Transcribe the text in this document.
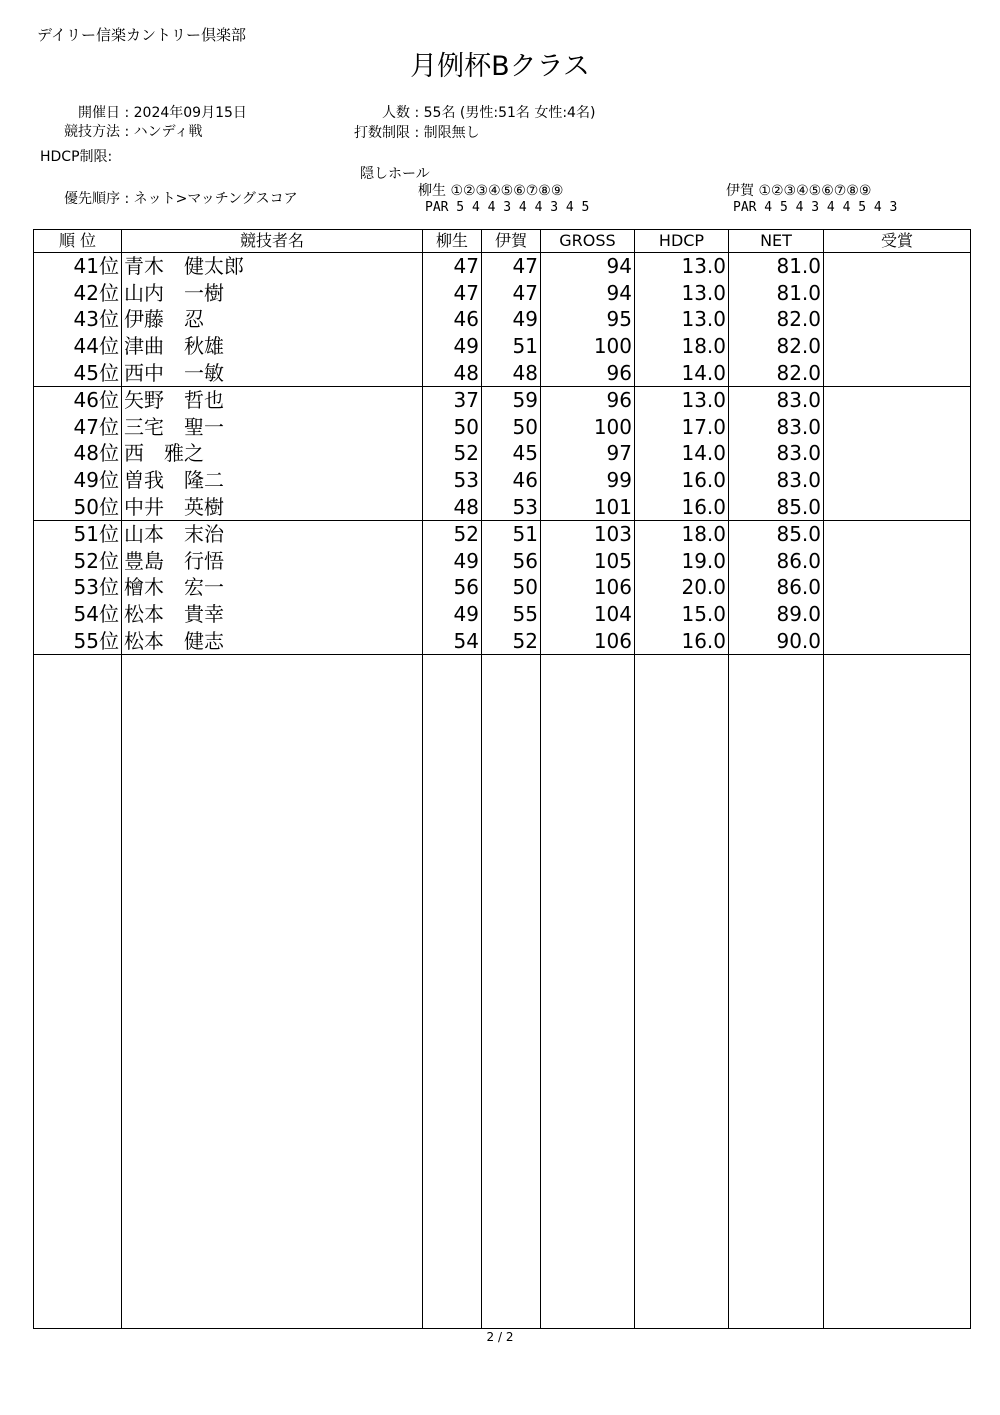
デイリー信楽カントリー倶楽部
月例杯Bクラス
開催日 : 2024年09月15日
競技方法 : ハンディ戦
HDCP制限:
優先順序 : ネット>マッチングスコア
人数 : 55名 (男性:51名 女性:4名)
打数制限 : 制限無し
隠しホール
柳生 ①②③④⑤⑥⑦⑧⑨
PAR 5 4 4 3 4 4 3 4 5
伊賀 ①②③④⑤⑥⑦⑧⑨
PAR 4 5 4 3 4 4 5 4 3
順 位	競技者名	柳生	伊賀	GROSS	HDCP	NET	受賞
41位	青木　健太郎	47	47	94	13.0	81.0	
42位	山内　一樹	47	47	94	13.0	81.0	
43位	伊藤　忍	46	49	95	13.0	82.0	
44位	津曲　秋雄	49	51	100	18.0	82.0	
45位	西中　一敏	48	48	96	14.0	82.0	
46位	矢野　哲也	37	59	96	13.0	83.0	
47位	三宅　聖一	50	50	100	17.0	83.0	
48位	西　雅之	52	45	97	14.0	83.0	
49位	曽我　隆二	53	46	99	16.0	83.0	
50位	中井　英樹	48	53	101	16.0	85.0	
51位	山本　末治	52	51	103	18.0	85.0	
52位	豊島　行悟	49	56	105	19.0	86.0	
53位	檜木　宏一	56	50	106	20.0	86.0	
54位	松本　貴幸	49	55	104	15.0	89.0	
55位	松本　健志	54	52	106	16.0	90.0	

2 / 2
